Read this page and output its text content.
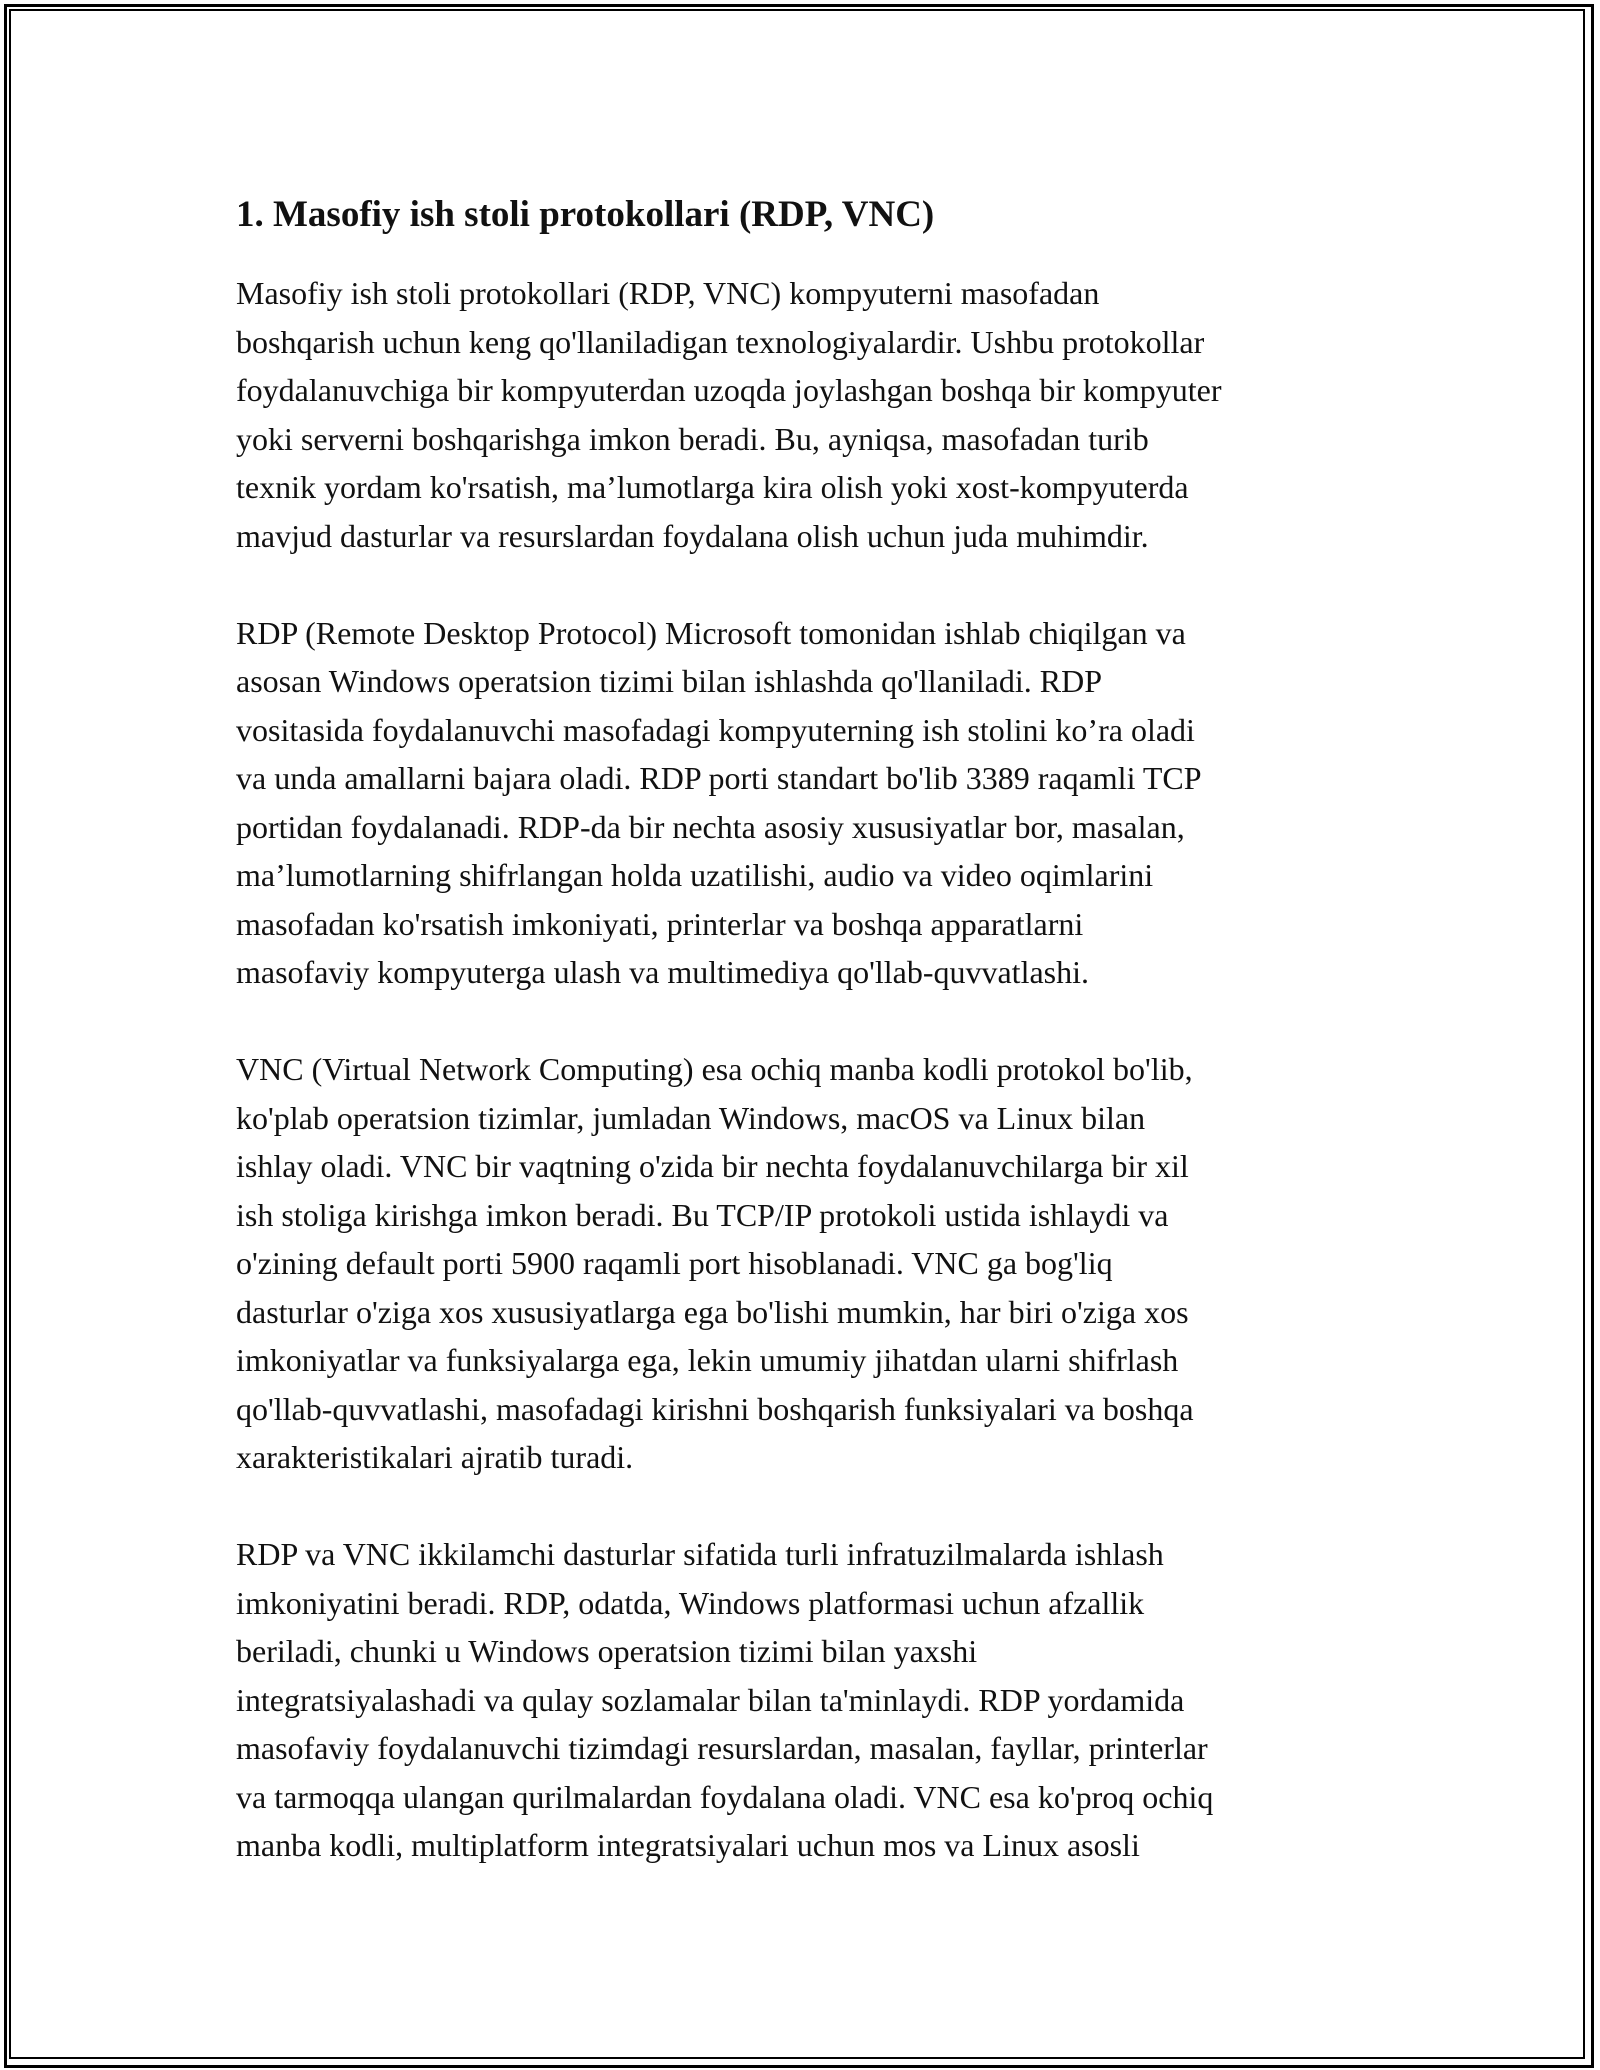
1. Masofiy ish stoli protokollari (RDP, VNC)

Masofiy ish stoli protokollari (RDP, VNC) kompyuterni masofadan
boshqarish uchun keng qo'llaniladigan texnologiyalardir. Ushbu protokollar
foydalanuvchiga bir kompyuterdan uzoqda joylashgan boshqa bir kompyuter
yoki serverni boshqarishga imkon beradi. Bu, ayniqsa, masofadan turib
texnik yordam ko'rsatish, ma’lumotlarga kira olish yoki xost-kompyuterda
mavjud dasturlar va resurslardan foydalana olish uchun juda muhimdir.

RDP (Remote Desktop Protocol) Microsoft tomonidan ishlab chiqilgan va
asosan Windows operatsion tizimi bilan ishlashda qo'llaniladi. RDP
vositasida foydalanuvchi masofadagi kompyuterning ish stolini ko’ra oladi
va unda amallarni bajara oladi. RDP porti standart bo'lib 3389 raqamli TCP
portidan foydalanadi. RDP-da bir nechta asosiy xususiyatlar bor, masalan,
ma’lumotlarning shifrlangan holda uzatilishi, audio va video oqimlarini
masofadan ko'rsatish imkoniyati, printerlar va boshqa apparatlarni
masofaviy kompyuterga ulash va multimediya qo'llab-quvvatlashi.

VNC (Virtual Network Computing) esa ochiq manba kodli protokol bo'lib,
ko'plab operatsion tizimlar, jumladan Windows, macOS va Linux bilan
ishlay oladi. VNC bir vaqtning o'zida bir nechta foydalanuvchilarga bir xil
ish stoliga kirishga imkon beradi. Bu TCP/IP protokoli ustida ishlaydi va
o'zining default porti 5900 raqamli port hisoblanadi. VNC ga bog'liq
dasturlar o'ziga xos xususiyatlarga ega bo'lishi mumkin, har biri o'ziga xos
imkoniyatlar va funksiyalarga ega, lekin umumiy jihatdan ularni shifrlash
qo'llab-quvvatlashi, masofadagi kirishni boshqarish funksiyalari va boshqa
xarakteristikalari ajratib turadi.

RDP va VNC ikkilamchi dasturlar sifatida turli infratuzilmalarda ishlash
imkoniyatini beradi. RDP, odatda, Windows platformasi uchun afzallik
beriladi, chunki u Windows operatsion tizimi bilan yaxshi
integratsiyalashadi va qulay sozlamalar bilan ta'minlaydi. RDP yordamida
masofaviy foydalanuvchi tizimdagi resurslardan, masalan, fayllar, printerlar
va tarmoqqa ulangan qurilmalardan foydalana oladi. VNC esa ko'proq ochiq
manba kodli, multiplatform integratsiyalari uchun mos va Linux asosli
